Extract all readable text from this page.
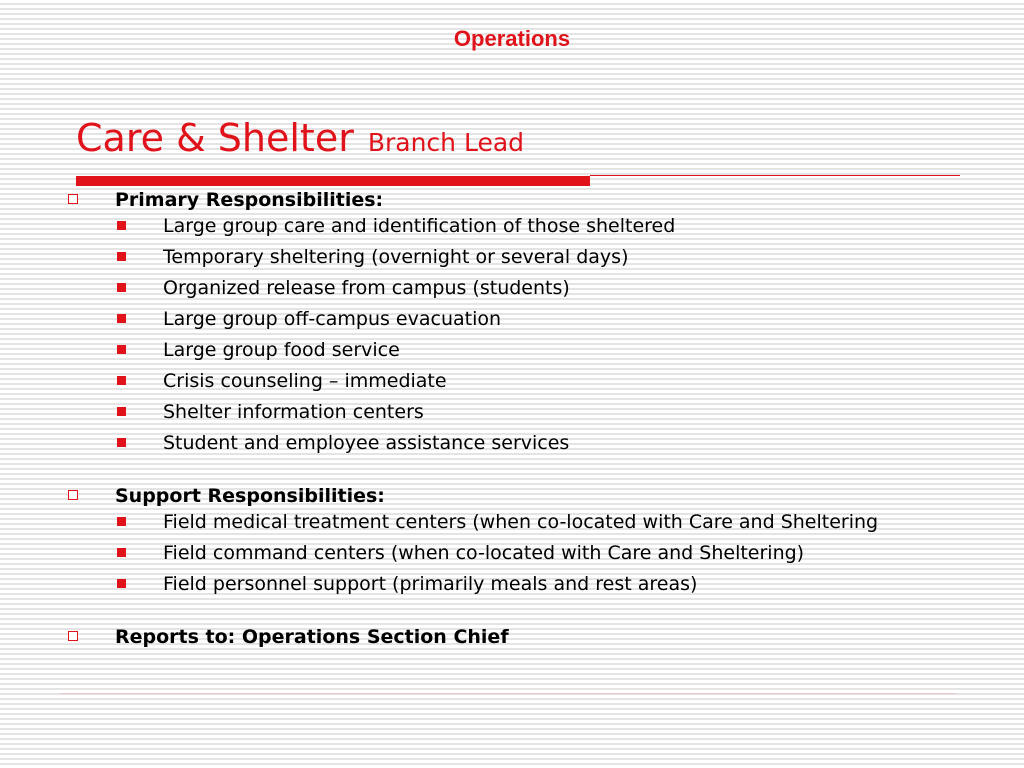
Operations
Care & Shelter Branch Lead
Primary Responsibilities:
Large group care and identification of those sheltered
Temporary sheltering (overnight or several days)
Organized release from campus (students)
Large group off-campus evacuation
Large group food service
Crisis counseling – immediate
Shelter information centers
Student and employee assistance services
Support Responsibilities:
Field medical treatment centers (when co-located with Care and Sheltering
Field command centers (when co-located with Care and Sheltering)
Field personnel support (primarily meals and rest areas)
Reports to: Operations Section Chief
